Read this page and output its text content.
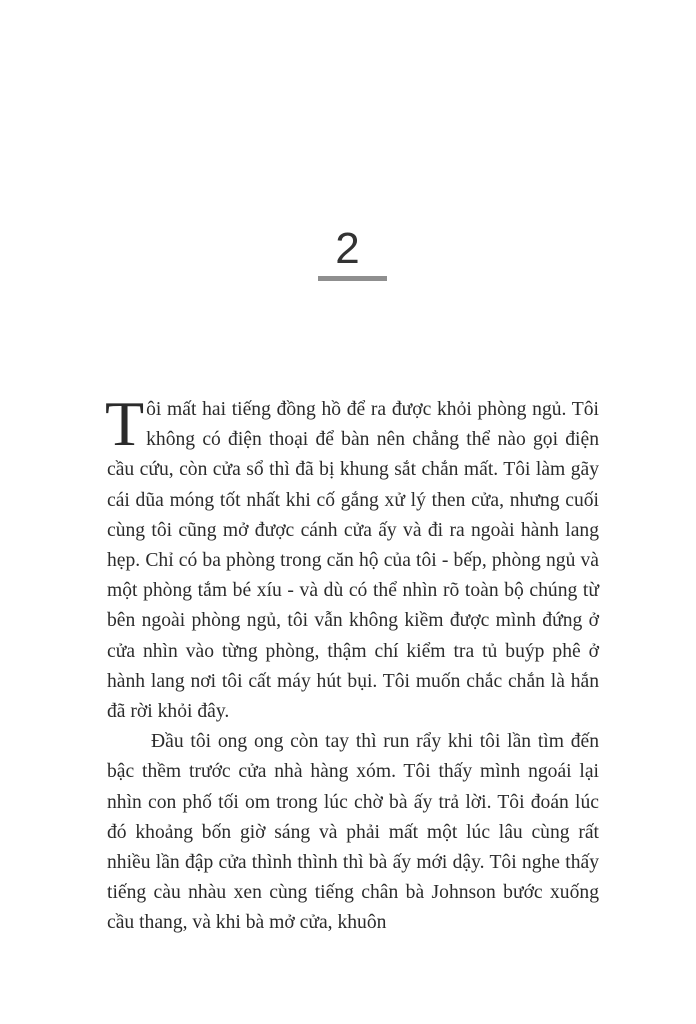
2

Tôi mất hai tiếng đồng hồ để ra được khỏi phòng ngủ. Tôi không có điện thoại để bàn nên chẳng thể nào gọi điện cầu cứu, còn cửa sổ thì đã bị khung sắt chắn mất. Tôi làm gãy cái dũa móng tốt nhất khi cố gắng xử lý then cửa, nhưng cuối cùng tôi cũng mở được cánh cửa ấy và đi ra ngoài hành lang hẹp. Chỉ có ba phòng trong căn hộ của tôi - bếp, phòng ngủ và một phòng tắm bé xíu - và dù có thể nhìn rõ toàn bộ chúng từ bên ngoài phòng ngủ, tôi vẫn không kiềm được mình đứng ở cửa nhìn vào từng phòng, thậm chí kiểm tra tủ buýp phê ở hành lang nơi tôi cất máy hút bụi. Tôi muốn chắc chắn là hắn đã rời khỏi đây.

Đầu tôi ong ong còn tay thì run rẩy khi tôi lần tìm đến bậc thềm trước cửa nhà hàng xóm. Tôi thấy mình ngoái lại nhìn con phố tối om trong lúc chờ bà ấy trả lời. Tôi đoán lúc đó khoảng bốn giờ sáng và phải mất một lúc lâu cùng rất nhiều lần đập cửa thình thình thì bà ấy mới dậy. Tôi nghe thấy tiếng càu nhàu xen cùng tiếng chân bà Johnson bước xuống cầu thang, và khi bà mở cửa, khuôn
